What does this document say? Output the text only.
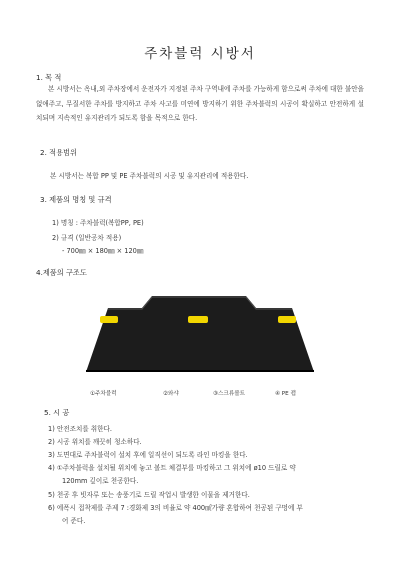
주차블럭 시방서
1. 목 적
본 시방서는 옥내,외 주차장에서 운전자가 지정된 주차 구역내에 주차를 가능하게 함으로써 주차에 대한 불안을 없애주고, 무질서한 주차를 방지하고 주차 사고를 미연에 방지하기 위한 주차블럭의 시공이 확실하고 안전하게 설치되며 지속적인 유지관리가 되도록 함을 목적으로 한다.
2. 적용범위
본 시방서는 복합 PP 및 PE 주차블럭의 시공 및 유지관리에 적용한다.
3. 제품의 명칭 및 규격
1) 명칭 : 주차블럭(복합PP, PE)
2) 규격 (일반공차 적용)
- 700㎜ × 180㎜ × 120㎜
4.제품의 구조도
①주차블럭	②와샤	③스크류볼트	④ PE 캡
5. 시 공
1) 안전조치를 취한다.
2) 시공 위치를 깨끗히 청소하다.
3) 도면대로 주차블럭이 설치 후에 일직선이 되도록 라인 마킹을 한다.
4) ①주차블럭을 설치될 위치에 놓고 볼트 체결부를 마킹하고 그 위치에 ø10 드릴로 약
120mm 깊이로 천공한다.
5) 천공 후 빗자루 또는 송풍기로 드릴 작업시 발생한 이물을 제거한다.
6) 에폭시 접착제를 주제 7 :경화제 3의 비율로 약 400㎖가량 혼합하여 천공된 구멍에 부
어 준다.
